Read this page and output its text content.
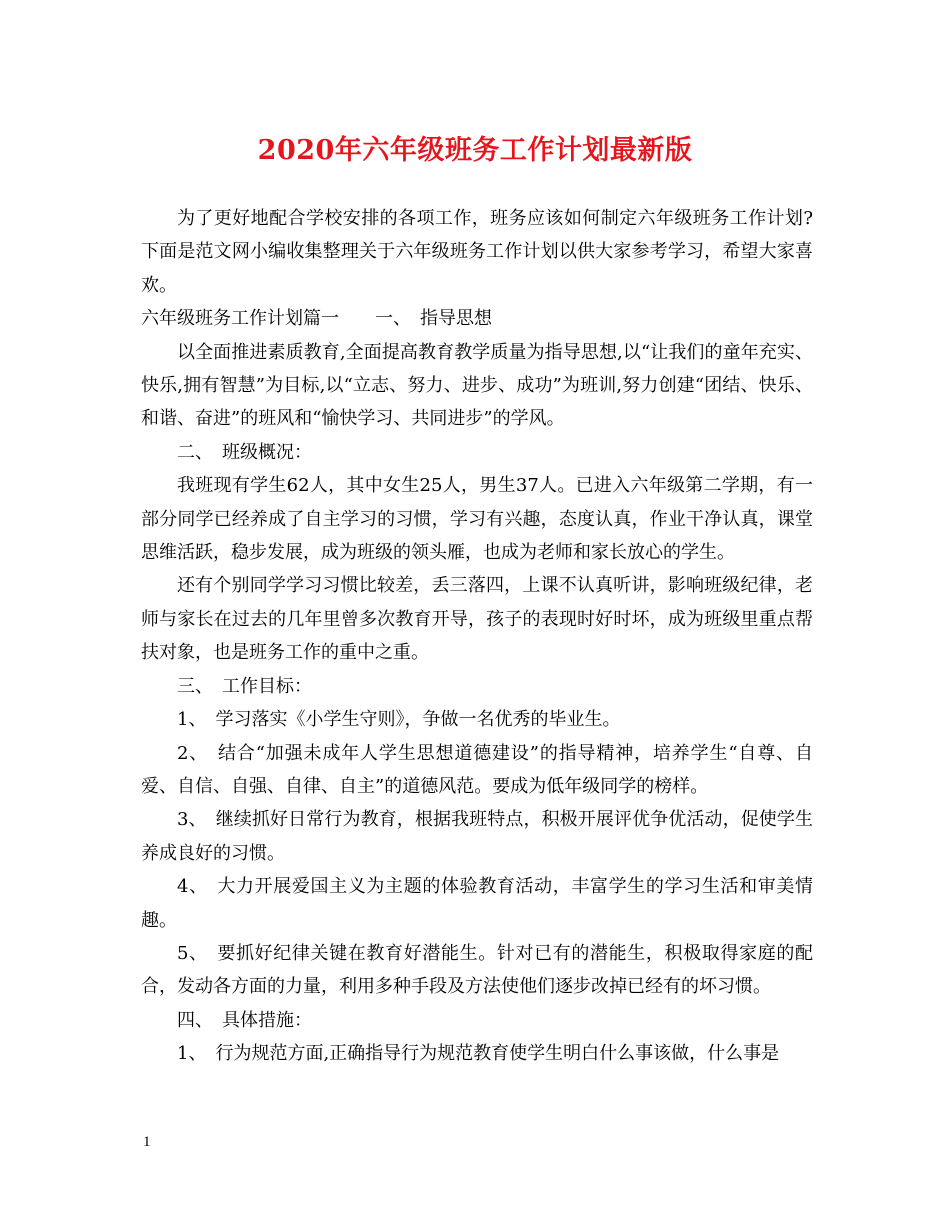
2020年六年级班务工作计划最新版

为了更好地配合学校安排的各项工作，班务应该如何制定六年级班务工作计划?下面是范文网小编收集整理关于六年级班务工作计划以供大家参考学习，希望大家喜欢。

六年级班务工作计划篇一　　一、　指导思想

以全面推进素质教育,全面提高教育教学质量为指导思想,以“让我们的童年充实、快乐,拥有智慧”为目标,以“立志、努力、进步、成功”为班训,努力创建“团结、快乐、和谐、奋进”的班风和“愉快学习、共同进步”的学风。

二、　班级概况：

我班现有学生62人，其中女生25人，男生37人。已进入六年级第二学期，有一部分同学已经养成了自主学习的习惯，学习有兴趣，态度认真，作业干净认真，课堂思维活跃，稳步发展，成为班级的领头雁，也成为老师和家长放心的学生。

还有个别同学学习习惯比较差，丢三落四，上课不认真听讲，影响班级纪律，老师与家长在过去的几年里曾多次教育开导，孩子的表现时好时坏，成为班级里重点帮扶对象，也是班务工作的重中之重。

三、　工作目标：

1、　学习落实《小学生守则》，争做一名优秀的毕业生。

2、　结合“加强未成年人学生思想道德建设”的指导精神，培养学生“自尊、自爱、自信、自强、自律、自主”的道德风范。要成为低年级同学的榜样。

3、　继续抓好日常行为教育，根据我班特点，积极开展评优争优活动，促使学生养成良好的习惯。

4、　大力开展爱国主义为主题的体验教育活动，丰富学生的学习生活和审美情趣。

5、　要抓好纪律关键在教育好潜能生。针对已有的潜能生，积极取得家庭的配合，发动各方面的力量，利用多种手段及方法使他们逐步改掉已经有的坏习惯。

四、　具体措施：

1、　行为规范方面,正确指导行为规范教育使学生明白什么事该做，什么事是

1
